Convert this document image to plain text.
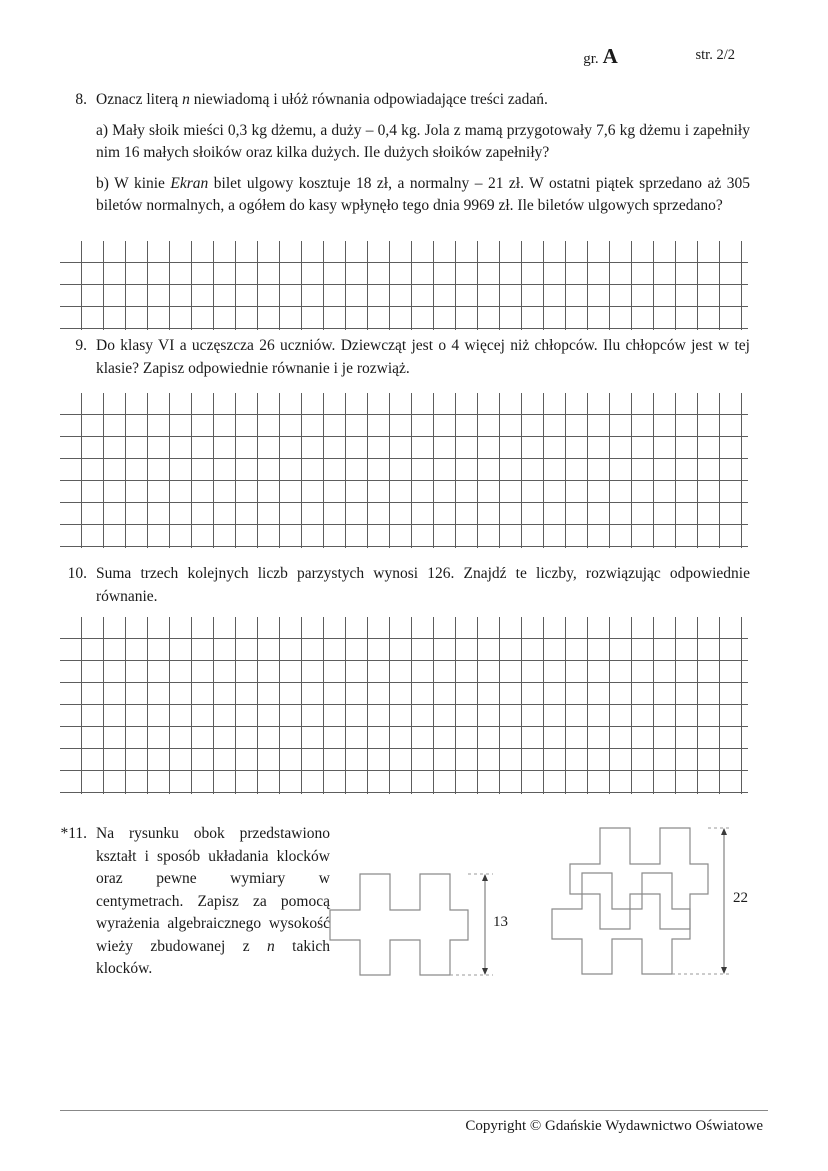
gr. A	str. 2/2
8. Oznacz literą n niewiadomą i ułóż równania odpowiadające treści zadań.

a) Mały słoik mieści 0,3 kg dżemu, a duży – 0,4 kg. Jola z mamą przygotowały 7,6 kg dżemu i zapełniły nim 16 małych słoików oraz kilka dużych. Ile dużych słoików zapełniły?

b) W kinie Ekran bilet ulgowy kosztuje 18 zł, a normalny – 21 zł. W ostatni piątek sprzedano aż 305 biletów normalnych, a ogółem do kasy wpłynęło tego dnia 9969 zł. Ile biletów ulgowych sprzedano?

9. Do klasy VI a uczęszcza 26 uczniów. Dziewcząt jest o 4 więcej niż chłopców. Ilu chłopców jest w tej klasie? Zapisz odpowiednie równanie i je rozwiąż.

10. Suma trzech kolejnych liczb parzystych wynosi 126. Znajdź te liczby, rozwiązując odpowiednie równanie.

*11. Na rysunku obok przedstawiono kształt i sposób układania klocków oraz pewne wymiary w centymetrach. Zapisz za pomocą wyrażenia algebraicznego wysokość wieży zbudowanej z n takich klocków.

13
22
Copyright © Gdańskie Wydawnictwo Oświatowe
